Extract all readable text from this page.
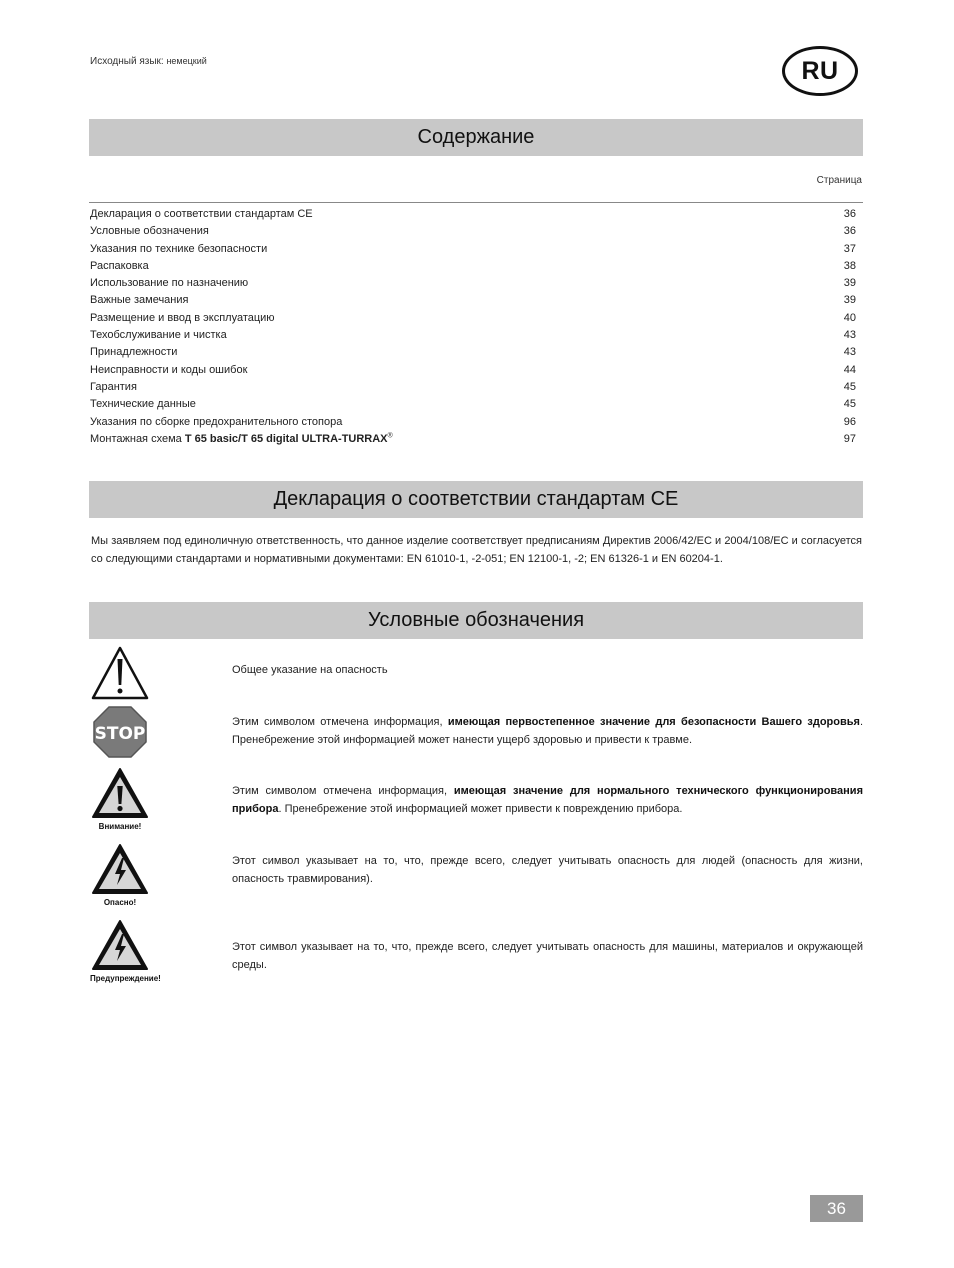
Исходный язык: немецкий	RU
Содержание
Страница
Декларация о соответствии стандартам CE	36
Условные обозначения	36
Указания по технике безопасности	37
Распаковка	38
Использование по назначению	39
Важные замечания	39
Размещение и ввод в эксплуатацию	40
Техобслуживание и чистка	43
Принадлежности	43
Неисправности и коды ошибок	44
Гарантия	45
Технические данные	45
Указания по сборке предохранительного стопора	96
Монтажная схема T 65 basic/T 65 digital ULTRA-TURRAX®	97
Декларация о соответствии стандартам CE
Мы заявляем под единоличную ответственность, что данное изделие соответствует предписаниям Директив 2006/42/EC и 2004/108/EC и согласуется со следующими стандартами и нормативными документами: EN 61010-1, -2-051; EN 12100-1, -2; EN 61326-1 и EN 60204-1.
Условные обозначения
Общее указание на опасность
STOP
Этим символом отмечена информация, имеющая первостепенное значение для безопасности Вашего здоровья. Пренебрежение этой информацией может нанести ущерб здоровью и привести к травме.
Внимание!
Этим символом отмечена информация, имеющая значение для нормального технического функционирования прибора. Пренебрежение этой информацией может привести к повреждению прибора.
Опасно!
Этот символ указывает на то, что, прежде всего, следует учитывать опасность для людей (опасность для жизни, опасность травмирования).
Предупреждение!
Этот символ указывает на то, что, прежде всего, следует учитывать опасность для машины, материалов и окружающей среды.
36
